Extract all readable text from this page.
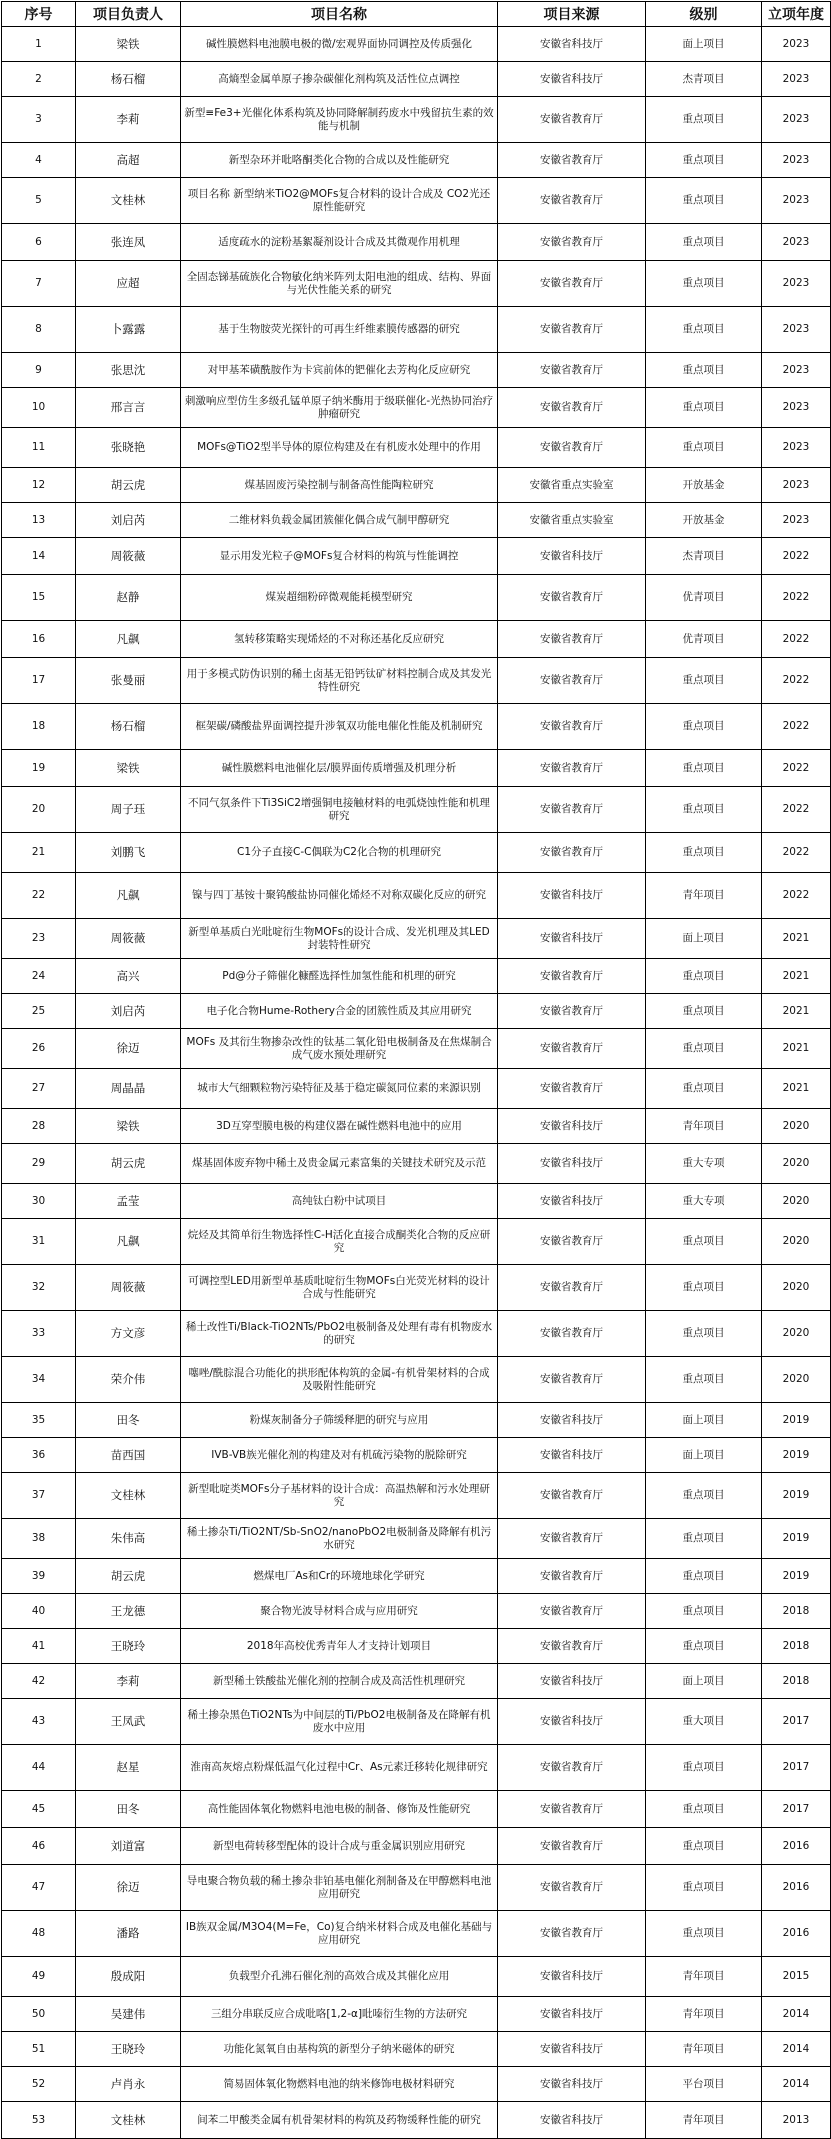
序号	项目负责人	项目名称	项目来源	级别	立项年度
1	梁铁	碱性膜燃料电池膜电极的微/宏观界面协同调控及传质强化	安徽省科技厅	面上项目	2023
2	杨石榴	高熵型金属单原子掺杂碳催化剂构筑及活性位点调控	安徽省科技厅	杰青项目	2023
3	李莉	新型≡Fe3+光催化体系构筑及协同降解制药废水中残留抗生素的效能与机制	安徽省教育厅	重点项目	2023
4	高超	新型杂环并吡咯酮类化合物的合成以及性能研究	安徽省教育厅	重点项目	2023
5	文桂林	项目名称 新型纳米TiO2@MOFs复合材料的设计合成及 CO2光还原性能研究	安徽省教育厅	重点项目	2023
6	张连凤	适度疏水的淀粉基絮凝剂设计合成及其微观作用机理	安徽省教育厅	重点项目	2023
7	应超	全固态锑基硫族化合物敏化纳米阵列太阳电池的组成、结构、界面与光伏性能关系的研究	安徽省教育厅	重点项目	2023
8	卜露露	基于生物胺荧光探针的可再生纤维素膜传感器的研究	安徽省教育厅	重点项目	2023
9	张思沈	对甲基苯磺酰胺作为卡宾前体的钯催化去芳构化反应研究	安徽省教育厅	重点项目	2023
10	邢言言	刺激响应型仿生多级孔锰单原子纳米酶用于级联催化-光热协同治疗肿瘤研究	安徽省教育厅	重点项目	2023
11	张晓艳	MOFs@TiO2型半导体的原位构建及在有机废水处理中的作用	安徽省教育厅	重点项目	2023
12	胡云虎	煤基固废污染控制与制备高性能陶粒研究	安徽省重点实验室	开放基金	2023
13	刘启芮	二维材料负载金属团簇催化偶合成气制甲醇研究	安徽省重点实验室	开放基金	2023
14	周筱薇	显示用发光粒子@MOFs复合材料的构筑与性能调控	安徽省科技厅	杰青项目	2022
15	赵静	煤炭超细粉碎微观能耗模型研究	安徽省教育厅	优青项目	2022
16	凡飙	氢转移策略实现烯烃的不对称还基化反应研究	安徽省教育厅	优青项目	2022
17	张曼丽	用于多模式防伪识别的稀土卤基无铅钙钛矿材料控制合成及其发光特性研究	安徽省教育厅	重点项目	2022
18	杨石榴	框架碳/磷酸盐界面调控提升涉氧双功能电催化性能及机制研究	安徽省教育厅	重点项目	2022
19	梁铁	碱性膜燃料电池催化层/膜界面传质增强及机理分析	安徽省教育厅	重点项目	2022
20	周子珏	不同气氛条件下Ti3SiC2增强铜电接触材料的电弧烧蚀性能和机理研究	安徽省教育厅	重点项目	2022
21	刘鹏飞	C1分子直接C-C偶联为C2化合物的机理研究	安徽省教育厅	重点项目	2022
22	凡飙	镍与四丁基铵十聚钨酸盐协同催化烯烃不对称双碳化反应的研究	安徽省科技厅	青年项目	2022
23	周筱薇	新型单基质白光吡啶衍生物MOFs的设计合成、发光机理及其LED封装特性研究	安徽省科技厅	面上项目	2021
24	高兴	Pd@分子筛催化糠醛选择性加氢性能和机理的研究	安徽省教育厅	重点项目	2021
25	刘启芮	电子化合物Hume-Rothery合金的团簇性质及其应用研究	安徽省教育厅	重点项目	2021
26	徐迈	MOFs 及其衍生物掺杂改性的钛基二氧化铅电极制备及在焦煤制合成气废水预处理研究	安徽省教育厅	重点项目	2021
27	周晶晶	城市大气细颗粒物污染特征及基于稳定碳氮同位素的来源识别	安徽省教育厅	重点项目	2021
28	梁铁	3D互穿型膜电极的构建仪器在碱性燃料电池中的应用	安徽省科技厅	青年项目	2020
29	胡云虎	煤基固体废弃物中稀土及贵金属元素富集的关键技术研究及示范	安徽省科技厅	重大专项	2020
30	孟莹	高纯钛白粉中试项目	安徽省科技厅	重大专项	2020
31	凡飙	烷烃及其简单衍生物选择性C-H活化直接合成酮类化合物的反应研究	安徽省教育厅	重点项目	2020
32	周筱薇	可调控型LED用新型单基质吡啶衍生物MOFs白光荧光材料的设计合成与性能研究	安徽省教育厅	重点项目	2020
33	方文彦	稀土改性Ti/Black-TiO2NTs/PbO2电极制备及处理有毒有机物废水的研究	安徽省教育厅	重点项目	2020
34	荣介伟	噻唑/酰腙混合功能化的拱形配体构筑的金属-有机骨架材料的合成及吸附性能研究	安徽省教育厅	重点项目	2020
35	田冬	粉煤灰制备分子筛缓释肥的研究与应用	安徽省科技厅	面上项目	2019
36	苗西国	IVB-VB族光催化剂的构建及对有机硫污染物的脱除研究	安徽省科技厅	面上项目	2019
37	文桂林	新型吡啶类MOFs分子基材料的设计合成：高温热解和污水处理研究	安徽省教育厅	重点项目	2019
38	朱伟高	稀土掺杂Ti/TiO2NT/Sb-SnO2/nanoPbO2电极制备及降解有机污水研究	安徽省教育厅	重点项目	2019
39	胡云虎	燃煤电厂As和Cr的环境地球化学研究	安徽省教育厅	重点项目	2019
40	王龙德	聚合物光波导材料合成与应用研究	安徽省教育厅	重点项目	2018
41	王晓玲	2018年高校优秀青年人才支持计划项目	安徽省教育厅	重点项目	2018
42	李莉	新型稀土铁酸盐光催化剂的控制合成及高活性机理研究	安徽省科技厅	面上项目	2018
43	王凤武	稀土掺杂黑色TiO2NTs为中间层的Ti/PbO2电极制备及在降解有机废水中应用	安徽省科技厅	重大项目	2017
44	赵星	淮南高灰熔点粉煤低温气化过程中Cr、As元素迁移转化规律研究	安徽省教育厅	重点项目	2017
45	田冬	高性能固体氧化物燃料电池电极的制备、修饰及性能研究	安徽省教育厅	重点项目	2017
46	刘道富	新型电荷转移型配体的设计合成与重金属识别应用研究	安徽省教育厅	重点项目	2016
47	徐迈	导电聚合物负载的稀土掺杂非铂基电催化剂制备及在甲醇燃料电池应用研究	安徽省教育厅	重点项目	2016
48	潘路	IB族双金属/M3O4(M=Fe，Co)复合纳米材料合成及电催化基础与应用研究	安徽省教育厅	重点项目	2016
49	殷成阳	负载型介孔沸石催化剂的高效合成及其催化应用	安徽省科技厅	青年项目	2015
50	吴建伟	三组分串联反应合成吡咯[1,2-α]吡嗪衍生物的方法研究	安徽省科技厅	青年项目	2014
51	王晓玲	功能化氮氧自由基构筑的新型分子纳米磁体的研究	安徽省科技厅	青年项目	2014
52	卢肖永	简易固体氧化物燃料电池的纳米修饰电极材料研究	安徽省科技厅	平台项目	2014
53	文桂林	间苯二甲酸类金属有机骨架材料的构筑及药物缓释性能的研究	安徽省科技厅	青年项目	2013
